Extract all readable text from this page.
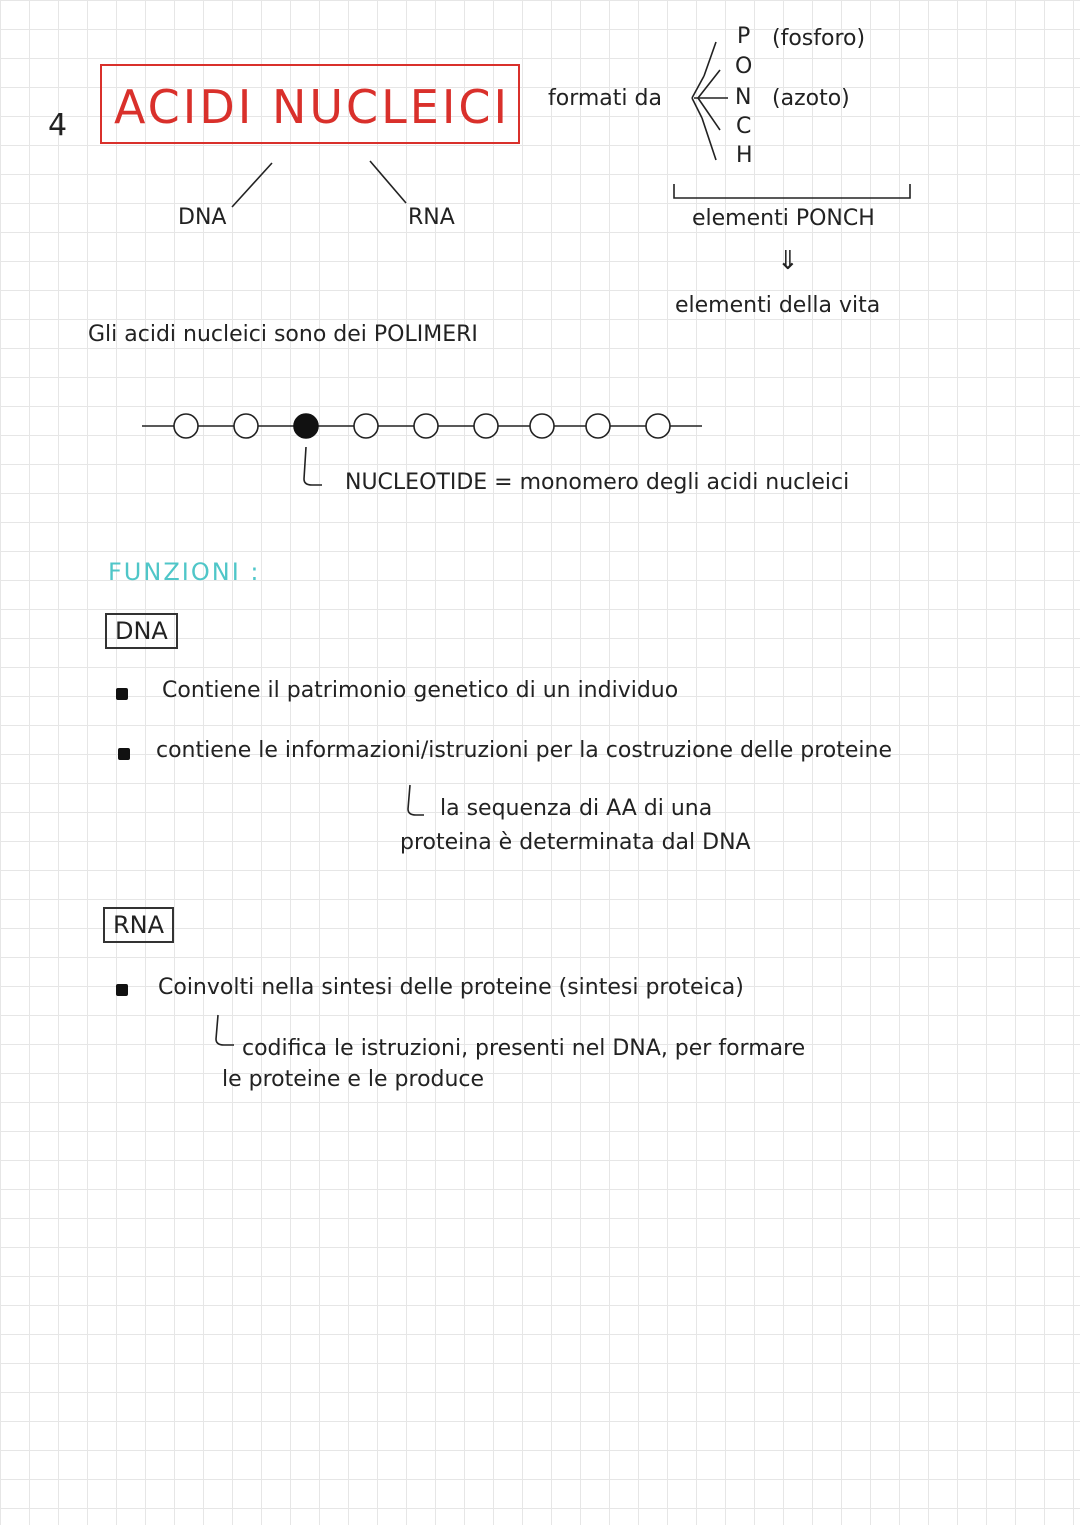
4 ACIDI NUCLEICI formati da
P (fosforo)
O
N (azoto)
C
H
DNA	RNA	elementi PONCH
⇓
elementi della vita
Gli acidi nucleici sono dei POLIMERI
NUCLEOTIDE = monomero degli acidi nucleici
FUNZIONI :
DNA
Contiene il patrimonio genetico di un individuo
contiene le informazioni/istruzioni per la costruzione delle proteine
la sequenza di AA di una
proteina è determinata dal DNA
RNA
Coinvolti nella sintesi delle proteine (sintesi proteica)
codifica le istruzioni, presenti nel DNA, per formare
le proteine e le produce
